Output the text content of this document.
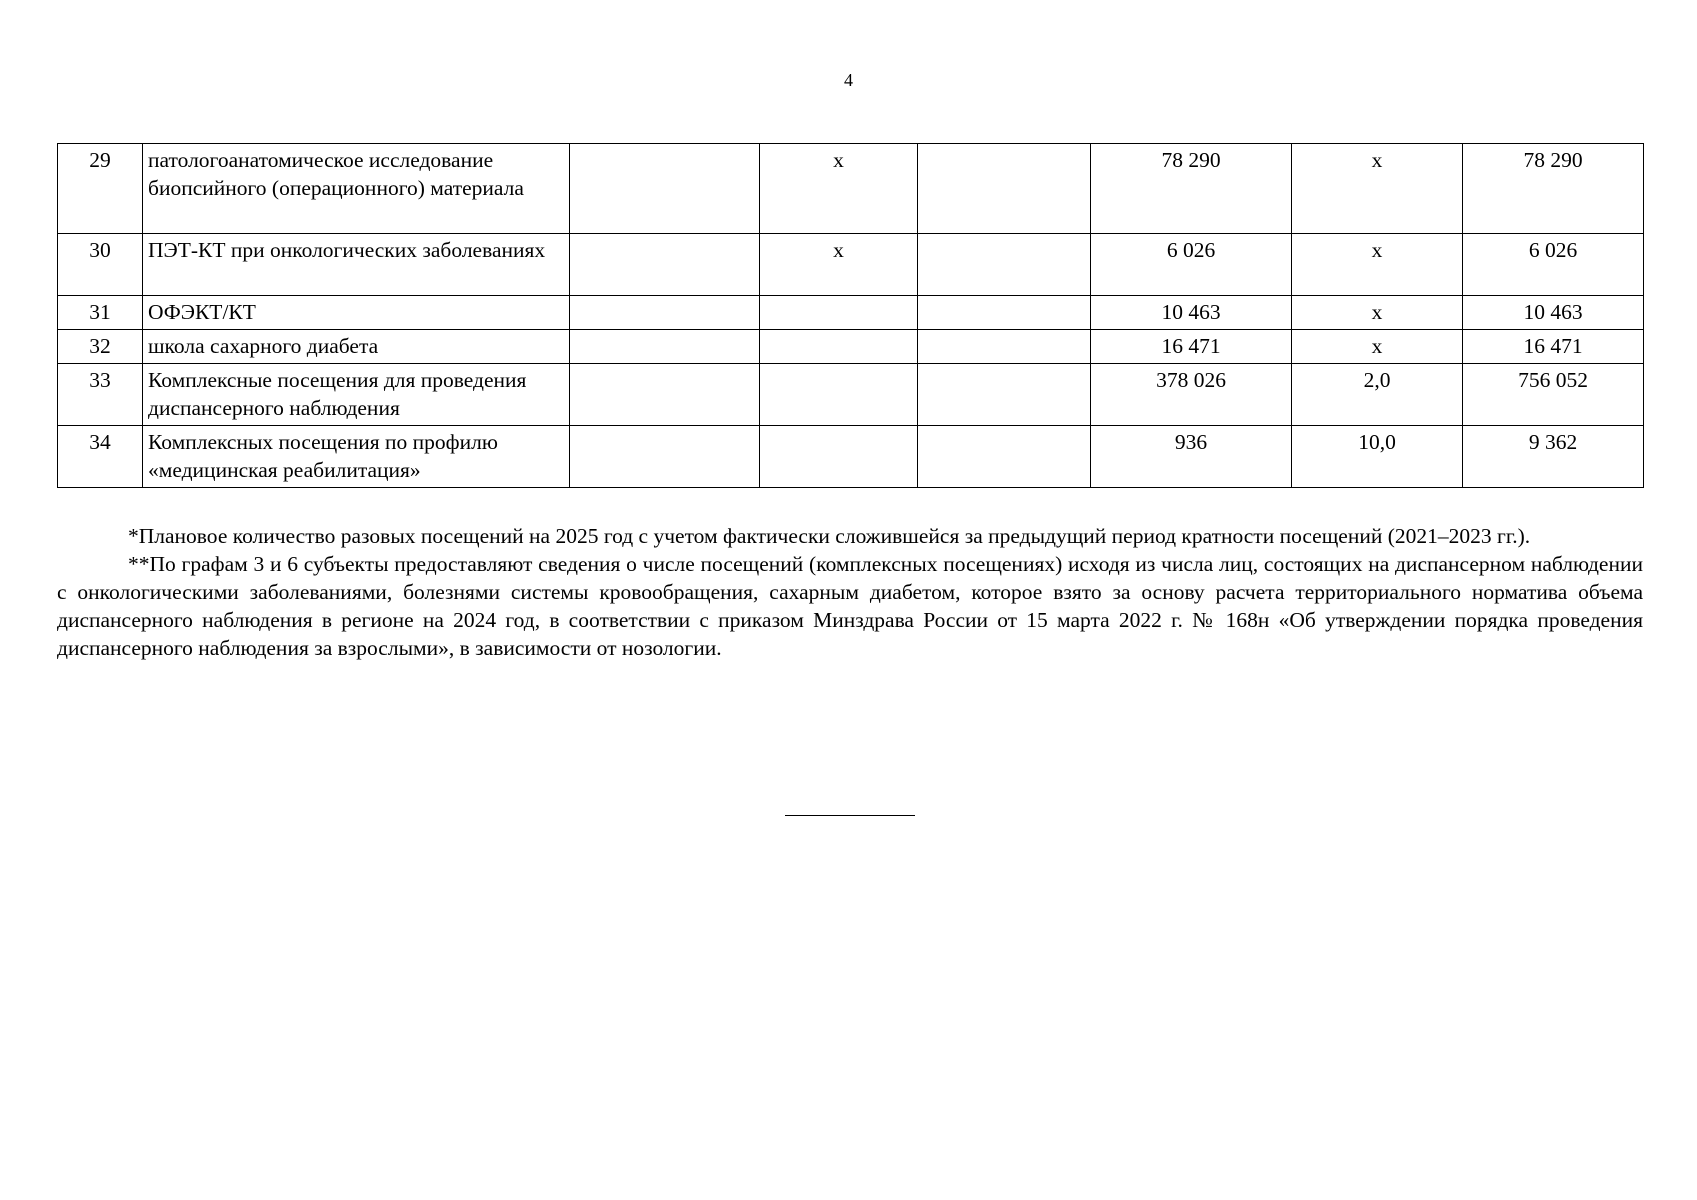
4
29	патологоанатомическое исследование биопсийного (операционного) материала		х		78 290	х	78 290
30	ПЭТ-КТ при онкологических заболеваниях		х		6 026	х	6 026
31	ОФЭКТ/КТ				10 463	х	10 463
32	школа сахарного диабета				16 471	х	16 471
33	Комплексные посещения для проведения диспансерного наблюдения				378 026	2,0	756 052
34	Комплексных посещения по профилю «медицинская реабилитация»				936	10,0	9 362

*Плановое количество разовых посещений на 2025 год с учетом фактически сложившейся за предыдущий период кратности посещений (2021–2023 гг.).

**По графам 3 и 6 субъекты предоставляют сведения о числе посещений (комплексных посещениях) исходя из числа лиц, состоящих на диспансерном наблюдении с онкологическими заболеваниями, болезнями системы кровообращения, сахарным диабетом, которое взято за основу расчета территориального норматива объема диспансерного наблюдения в регионе на 2024 год, в соответствии с приказом Минздрава России от 15 марта 2022 г. № 168н «Об утверждении порядка проведения диспансерного наблюдения за взрослыми», в зависимости от нозологии.
